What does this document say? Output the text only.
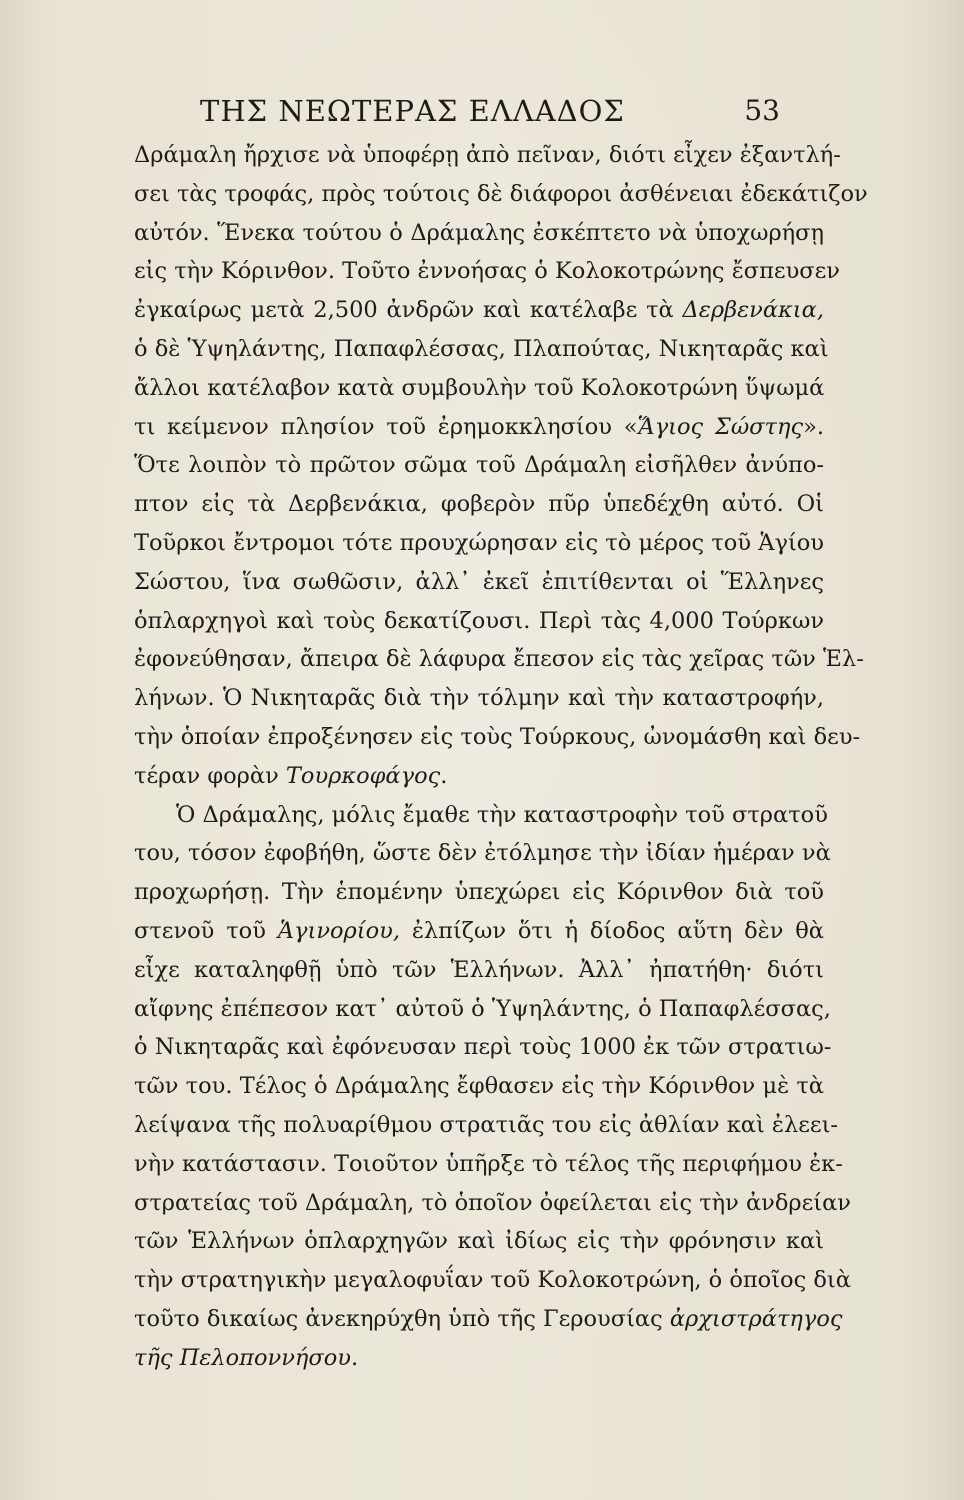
ΤΗΣ ΝΕΩΤΕΡΑΣ ΕΛΛΑΔΟΣ	53
Δράμαλη ἤρχισε νὰ ὑποφέρῃ ἀπὸ πεῖναν, διότι εἶχεν ἐξαντλή-
σει τὰς τροφάς, πρὸς τούτοις δὲ διάφοροι ἀσθένειαι ἐδεκάτιζον
αὐτόν. Ἕνεκα τούτου ὁ Δράμαλης ἐσκέπτετο νὰ ὑποχωρήσῃ
εἰς τὴν Κόρινθον. Τοῦτο ἐννοήσας ὁ Κολοκοτρώνης ἔσπευσεν
ἐγκαίρως μετὰ 2,500 ἀνδρῶν καὶ κατέλαβε τὰ Δερβενάκια,
ὁ δὲ Ὑψηλάντης, Παπαφλέσσας, Πλαπούτας, Νικηταρᾶς καὶ
ἄλλοι κατέλαβον κατὰ συμβουλὴν τοῦ Κολοκοτρώνη ὕψωμά
τι κείμενον πλησίον τοῦ ἐρημοκκλησίου «Ἅγιος Σώστης».
Ὅτε λοιπὸν τὸ πρῶτον σῶμα τοῦ Δράμαλη εἰσῆλθεν ἀνύπο-
πτον εἰς τὰ Δερβενάκια, φοβερὸν πῦρ ὑπεδέχθη αὐτό. Οἱ
Τοῦρκοι ἔντρομοι τότε προυχώρησαν εἰς τὸ μέρος τοῦ Ἁγίου
Σώστου, ἵνα σωθῶσιν, ἀλλ᾽ ἐκεῖ ἐπιτίθενται οἱ Ἕλληνες
ὁπλαρχηγοὶ καὶ τοὺς δεκατίζουσι. Περὶ τὰς 4,000 Τούρκων
ἐφονεύθησαν, ἄπειρα δὲ λάφυρα ἔπεσον εἰς τὰς χεῖρας τῶν Ἑλ-
λήνων. Ὁ Νικηταρᾶς διὰ τὴν τόλμην καὶ τὴν καταστροφήν,
τὴν ὁποίαν ἐπροξένησεν εἰς τοὺς Τούρκους, ὠνομάσθη καὶ δευ-
τέραν φορὰν Τουρκοφάγος.
Ὁ Δράμαλης, μόλις ἔμαθε τὴν καταστροφὴν τοῦ στρατοῦ
του, τόσον ἐφοβήθη, ὥστε δὲν ἐτόλμησε τὴν ἰδίαν ἡμέραν νὰ
προχωρήσῃ. Τὴν ἑπομένην ὑπεχώρει εἰς Κόρινθον διὰ τοῦ
στενοῦ τοῦ Ἁγινορίου, ἐλπίζων ὅτι ἡ δίοδος αὕτη δὲν θὰ
εἶχε καταληφθῇ ὑπὸ τῶν Ἑλλήνων. Ἀλλ᾽ ἠπατήθη· διότι
αἴφνης ἐπέπεσον κατ᾽ αὐτοῦ ὁ Ὑψηλάντης, ὁ Παπαφλέσσας,
ὁ Νικηταρᾶς καὶ ἐφόνευσαν περὶ τοὺς 1000 ἐκ τῶν στρατιω-
τῶν του. Τέλος ὁ Δράμαλης ἔφθασεν εἰς τὴν Κόρινθον μὲ τὰ
λείψανα τῆς πολυαρίθμου στρατιᾶς του εἰς ἀθλίαν καὶ ἐλεει-
νὴν κατάστασιν. Τοιοῦτον ὑπῆρξε τὸ τέλος τῆς περιφήμου ἐκ-
στρατείας τοῦ Δράμαλη, τὸ ὁποῖον ὀφείλεται εἰς τὴν ἀνδρείαν
τῶν Ἑλλήνων ὁπλαρχηγῶν καὶ ἰδίως εἰς τὴν φρόνησιν καὶ
τὴν στρατηγικὴν μεγαλοφυΐαν τοῦ Κολοκοτρώνη, ὁ ὁποῖος διὰ
τοῦτο δικαίως ἀνεκηρύχθη ὑπὸ τῆς Γερουσίας ἀρχιστράτηγος
τῆς Πελοποννήσου.
